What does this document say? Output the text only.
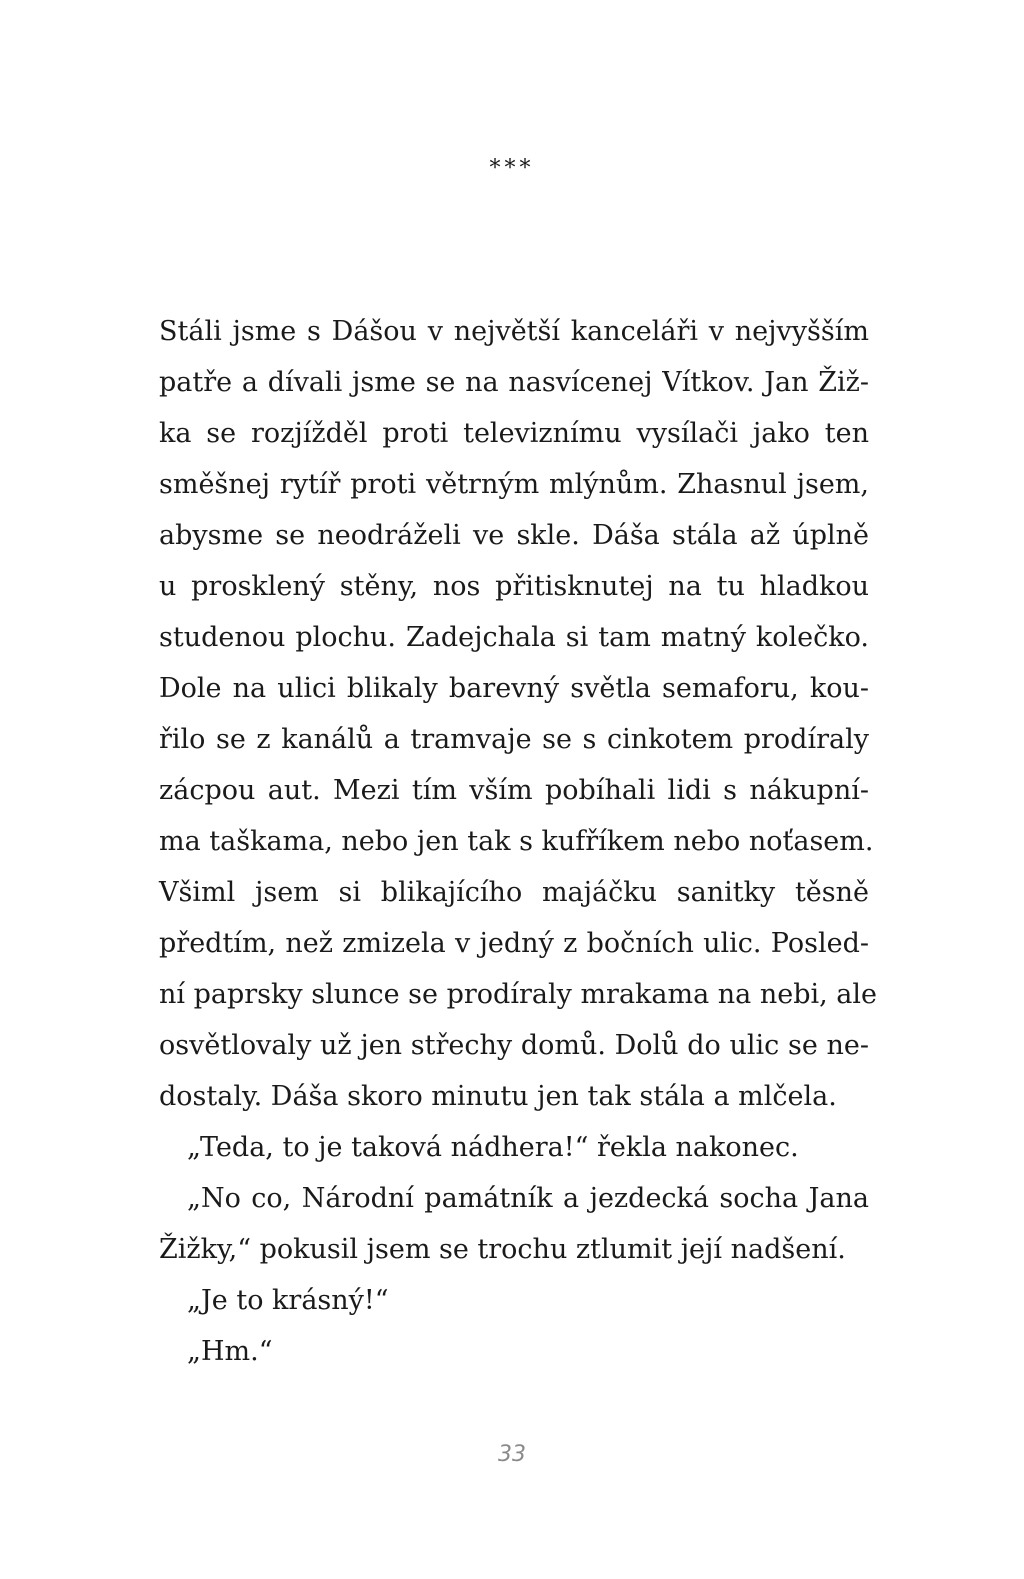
***
Stáli jsme s Dášou v největší kanceláři v nejvyšším
patře a dívali jsme se na nasvícenej Vítkov. Jan Žiž-
ka se rozjížděl proti televiznímu vysílači jako ten
směšnej rytíř proti větrným mlýnům. Zhasnul jsem,
abysme se neodráželi ve skle. Dáša stála až úplně
u prosklený stěny, nos přitisknutej na tu hladkou
studenou plochu. Zadejchala si tam matný kolečko.
Dole na ulici blikaly barevný světla semaforu, kou-
řilo se z kanálů a tramvaje se s cinkotem prodíraly
zácpou aut. Mezi tím vším pobíhali lidi s nákupní-
ma taškama, nebo jen tak s kufříkem nebo noťasem.
Všiml jsem si blikajícího majáčku sanitky těsně
předtím, než zmizela v jedný z bočních ulic. Posled-
ní paprsky slunce se prodíraly mrakama na nebi, ale
osvětlovaly už jen střechy domů. Dolů do ulic se ne-
dostaly. Dáša skoro minutu jen tak stála a mlčela.
„Teda, to je taková nádhera!“ řekla nakonec.
„No co, Národní památník a jezdecká socha Jana
Žižky,“ pokusil jsem se trochu ztlumit její nadšení.
„Je to krásný!“
„Hm.“
33
